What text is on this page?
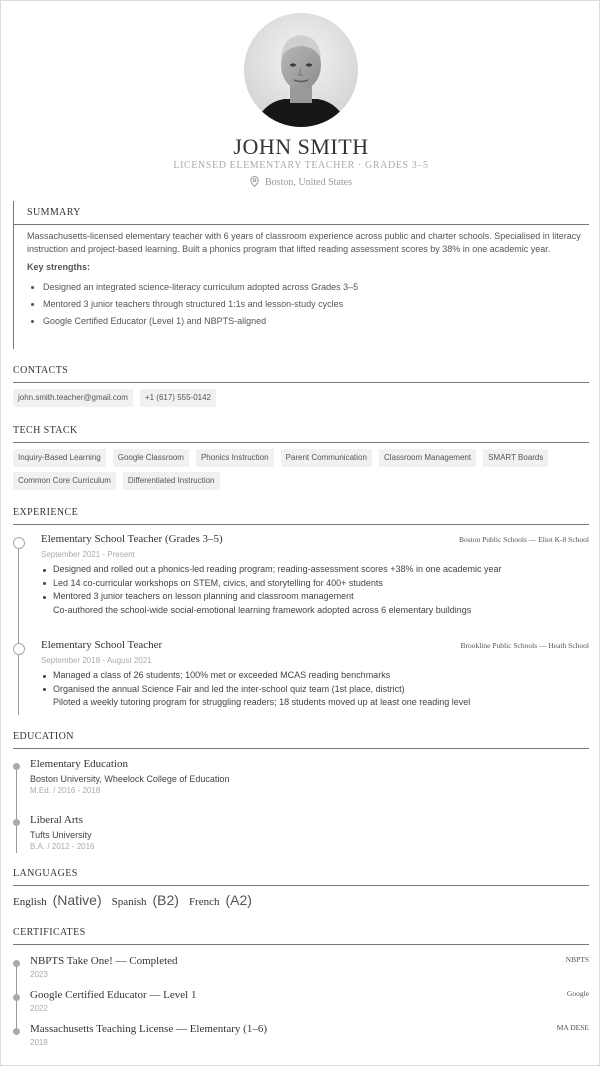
JOHN SMITH
LICENSED ELEMENTARY TEACHER · GRADES 3–5
Boston, United States
SUMMARY
Massachusetts-licensed elementary teacher with 6 years of classroom experience across public and charter schools. Specialised in literacy instruction and project-based learning. Built a phonics program that lifted reading assessment scores by 38% in one academic year.
Key strengths:
Designed an integrated science-literacy curriculum adopted across Grades 3–5
Mentored 3 junior teachers through structured 1:1s and lesson-study cycles
Google Certified Educator (Level 1) and NBPTS-aligned
CONTACTS
john.smith.teacher@gmail.com	+1 (617) 555-0142
TECH STACK
Inquiry-Based Learning	Google Classroom	Phonics Instruction	Parent Communication	Classroom Management	SMART Boards
Common Core Curriculum	Differentiated Instruction
EXPERIENCE
Elementary School Teacher (Grades 3–5)	Boston Public Schools — Eliot K-8 School
September 2021 - Present
Designed and rolled out a phonics-led reading program; reading-assessment scores +38% in one academic year
Led 14 co-curricular workshops on STEM, civics, and storytelling for 400+ students
Mentored 3 junior teachers on lesson planning and classroom management
Co-authored the school-wide social-emotional learning framework adopted across 6 elementary buildings
Elementary School Teacher	Brookline Public Schools — Heath School
September 2018 - August 2021
Managed a class of 26 students; 100% met or exceeded MCAS reading benchmarks
Organised the annual Science Fair and led the inter-school quiz team (1st place, district)
Piloted a weekly tutoring program for struggling readers; 18 students moved up at least one reading level
EDUCATION
Elementary Education
Boston University, Wheelock College of Education
M.Ed. / 2016 - 2018
Liberal Arts
Tufts University
B.A. / 2012 - 2016
LANGUAGES
English (Native) Spanish (B2) French (A2)
CERTIFICATES
NBPTS Take One! — Completed	NBPTS
2023
Google Certified Educator — Level 1	Google
2022
Massachusetts Teaching License — Elementary (1–6)	MA DESE
2018
